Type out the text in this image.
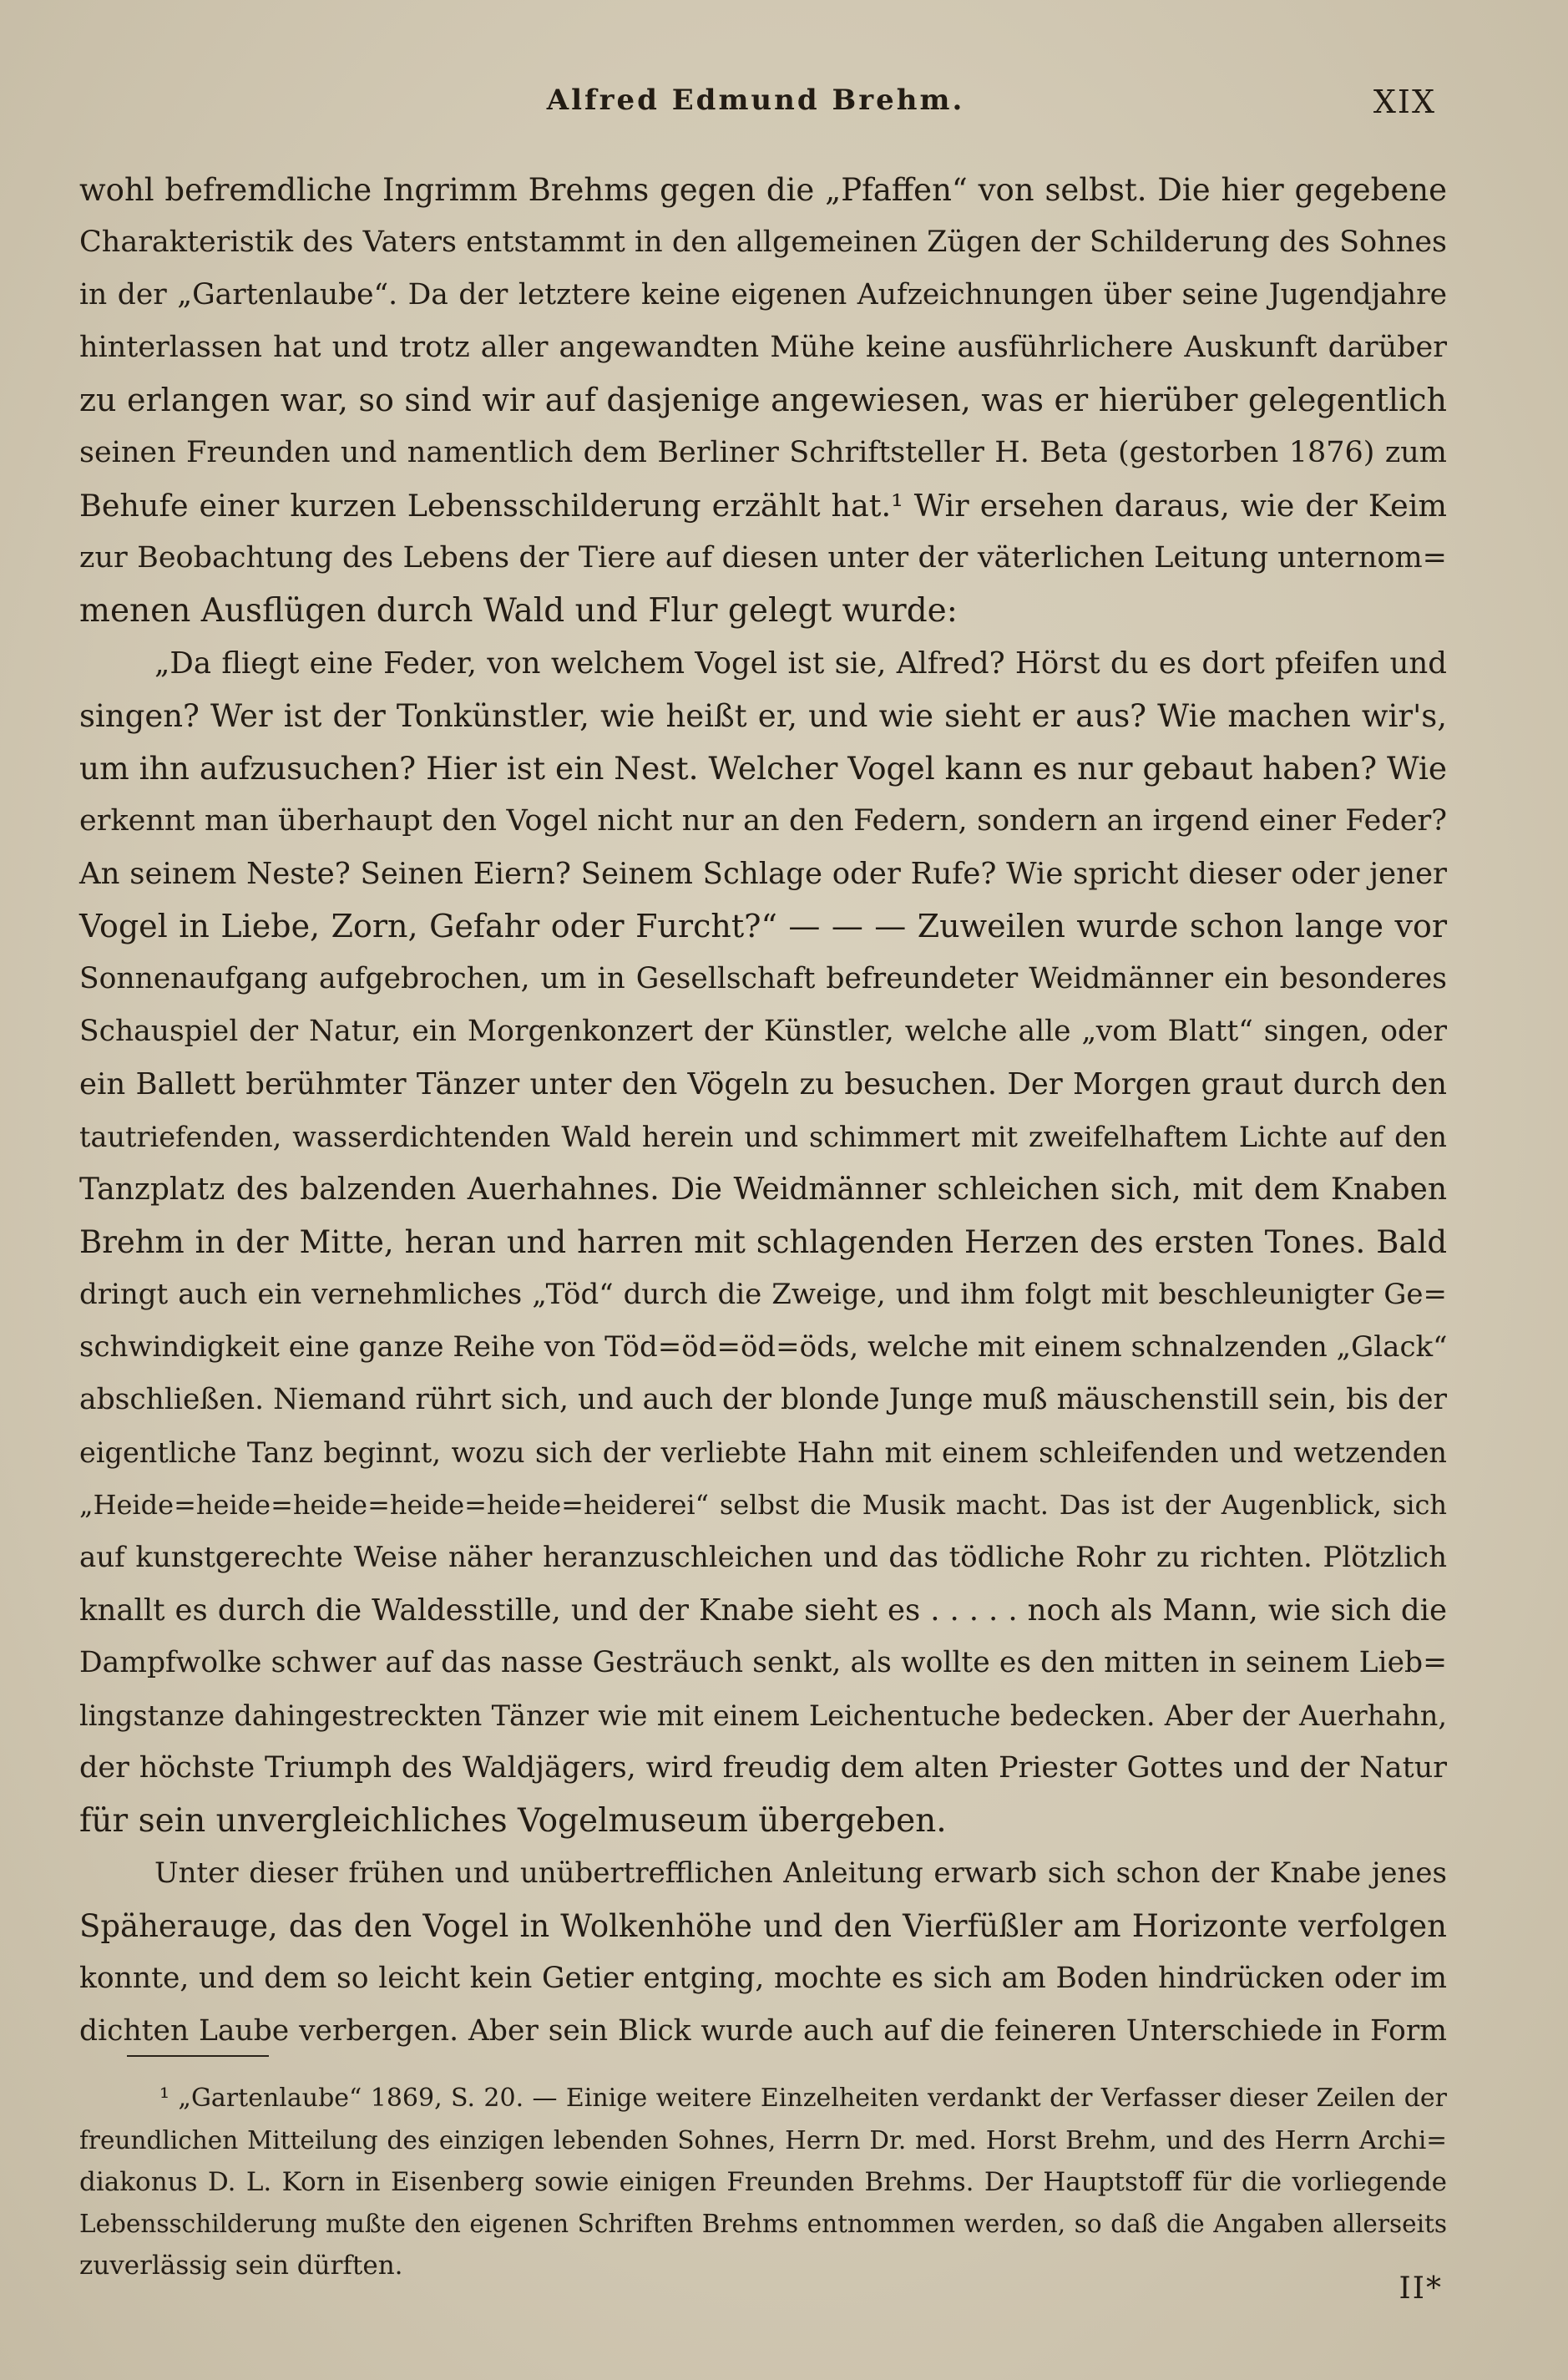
Alfred Edmund Brehm.	XIX
wohl befremdliche Ingrimm Brehms gegen die „Pfaffen“ von selbst. Die hier gegebene
Charakteristik des Vaters entstammt in den allgemeinen Zügen der Schilderung des Sohnes
in der „Gartenlaube“. Da der letztere keine eigenen Aufzeichnungen über seine Jugendjahre
hinterlassen hat und trotz aller angewandten Mühe keine ausführlichere Auskunft darüber
zu erlangen war, so sind wir auf dasjenige angewiesen, was er hierüber gelegentlich
seinen Freunden und namentlich dem Berliner Schriftsteller H. Beta (gestorben 1876) zum
Behufe einer kurzen Lebensschilderung erzählt hat.¹ Wir ersehen daraus, wie der Keim
zur Beobachtung des Lebens der Tiere auf diesen unter der väterlichen Leitung unternom=
menen Ausflügen durch Wald und Flur gelegt wurde:
„Da fliegt eine Feder, von welchem Vogel ist sie, Alfred? Hörst du es dort pfeifen und
singen? Wer ist der Tonkünstler, wie heißt er, und wie sieht er aus? Wie machen wir's,
um ihn aufzusuchen? Hier ist ein Nest. Welcher Vogel kann es nur gebaut haben? Wie
erkennt man überhaupt den Vogel nicht nur an den Federn, sondern an irgend einer Feder?
An seinem Neste? Seinen Eiern? Seinem Schlage oder Rufe? Wie spricht dieser oder jener
Vogel in Liebe, Zorn, Gefahr oder Furcht?“ — — — Zuweilen wurde schon lange vor
Sonnenaufgang aufgebrochen, um in Gesellschaft befreundeter Weidmänner ein besonderes
Schauspiel der Natur, ein Morgenkonzert der Künstler, welche alle „vom Blatt“ singen, oder
ein Ballett berühmter Tänzer unter den Vögeln zu besuchen. Der Morgen graut durch den
tautriefenden, wasserdichtenden Wald herein und schimmert mit zweifelhaftem Lichte auf den
Tanzplatz des balzenden Auerhahnes. Die Weidmänner schleichen sich, mit dem Knaben
Brehm in der Mitte, heran und harren mit schlagenden Herzen des ersten Tones. Bald
dringt auch ein vernehmliches „Töd“ durch die Zweige, und ihm folgt mit beschleunigter Ge=
schwindigkeit eine ganze Reihe von Töd=öd=öd=öds, welche mit einem schnalzenden „Glack“
abschließen. Niemand rührt sich, und auch der blonde Junge muß mäuschenstill sein, bis der
eigentliche Tanz beginnt, wozu sich der verliebte Hahn mit einem schleifenden und wetzenden
„Heide=heide=heide=heide=heide=heiderei“ selbst die Musik macht. Das ist der Augenblick, sich
auf kunstgerechte Weise näher heranzuschleichen und das tödliche Rohr zu richten. Plötzlich
knallt es durch die Waldesstille, und der Knabe sieht es . . . . . noch als Mann, wie sich die
Dampfwolke schwer auf das nasse Gesträuch senkt, als wollte es den mitten in seinem Lieb=
lingstanze dahingestreckten Tänzer wie mit einem Leichentuche bedecken. Aber der Auerhahn,
der höchste Triumph des Waldjägers, wird freudig dem alten Priester Gottes und der Natur
für sein unvergleichliches Vogelmuseum übergeben.
Unter dieser frühen und unübertrefflichen Anleitung erwarb sich schon der Knabe jenes
Späherauge, das den Vogel in Wolkenhöhe und den Vierfüßler am Horizonte verfolgen
konnte, und dem so leicht kein Getier entging, mochte es sich am Boden hindrücken oder im
dichten Laube verbergen. Aber sein Blick wurde auch auf die feineren Unterschiede in Form
¹ „Gartenlaube“ 1869, S. 20. — Einige weitere Einzelheiten verdankt der Verfasser dieser Zeilen der
freundlichen Mitteilung des einzigen lebenden Sohnes, Herrn Dr. med. Horst Brehm, und des Herrn Archi=
diakonus D. L. Korn in Eisenberg sowie einigen Freunden Brehms. Der Hauptstoff für die vorliegende
Lebensschilderung mußte den eigenen Schriften Brehms entnommen werden, so daß die Angaben allerseits
zuverlässig sein dürften.
II*
